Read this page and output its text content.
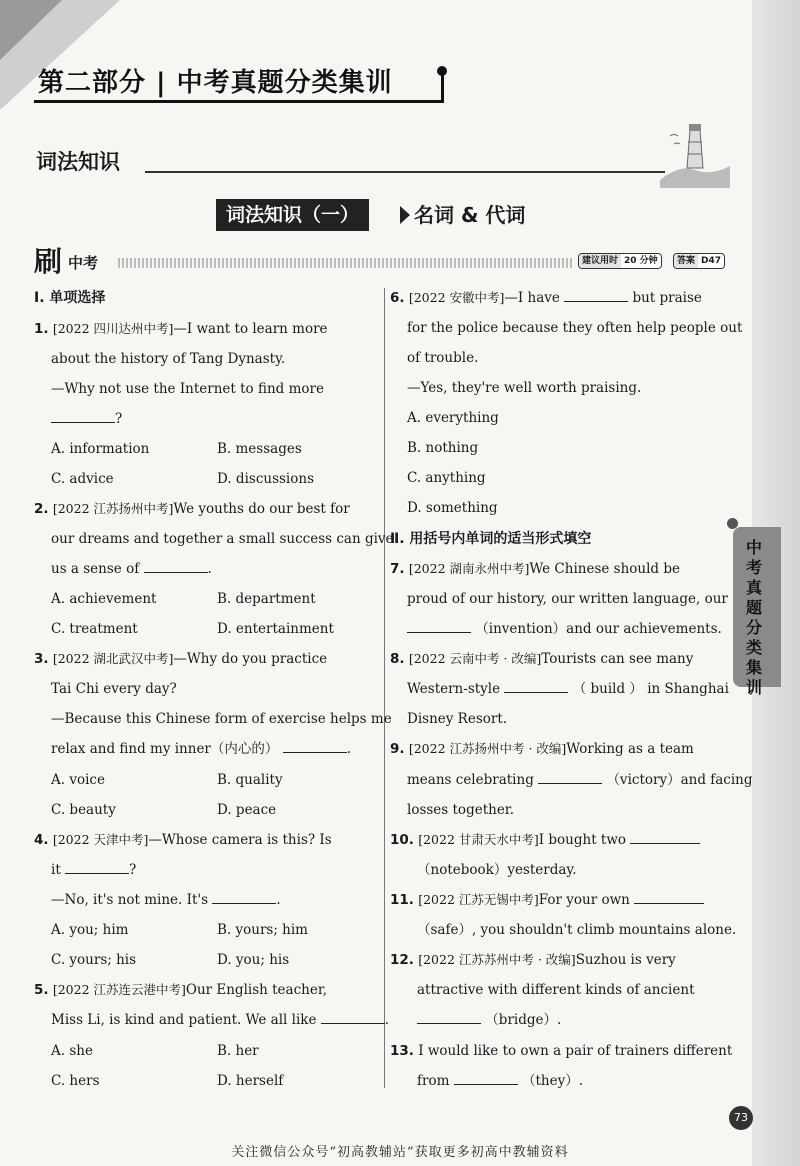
第二部分 | 中考真题分类集训
词法知识
词法知识（一）	名词 & 代词
刷 中考	建议用时 20 分钟	答案 D47
Ⅰ. 单项选择
1. [2022 四川达州中考]—I want to learn more
about the history of Tang Dynasty.
—Why not use the Internet to find more
?
A. information	B. messages
C. advice	D. discussions
2. [2022 江苏扬州中考]We youths do our best for
our dreams and together a small success can give
us a sense of	.
A. achievement	B. department
C. treatment	D. entertainment
3. [2022 湖北武汉中考]—Why do you practice
Tai Chi every day?
—Because this Chinese form of exercise helps me
relax and find my inner（内心的）	.
A. voice	B. quality
C. beauty	D. peace
4. [2022 天津中考]—Whose camera is this? Is
it	?
—No, it's not mine. It's	.
A. you; him	B. yours; him
C. yours; his	D. you; his
5. [2022 江苏连云港中考]Our English teacher,
Miss Li, is kind and patient. We all like	.
A. she	B. her
C. hers	D. herself
6. [2022 安徽中考]—I have	but praise
for the police because they often help people out
of trouble.
—Yes, they're well worth praising.
A. everything
B. nothing
C. anything
D. something
Ⅱ. 用括号内单词的适当形式填空
7. [2022 湖南永州中考]We Chinese should be
proud of our history, our written language, our
（invention）and our achievements.
8. [2022 云南中考 · 改编]Tourists can see many
Western-style	（ build ） in Shanghai
Disney Resort.
9. [2022 江苏扬州中考 · 改编]Working as a team
means celebrating	（victory）and facing
losses together.
10. [2022 甘肃天水中考]I bought two
（notebook）yesterday.
11. [2022 江苏无锡中考]For your own
（safe）, you shouldn't climb mountains alone.
12. [2022 江苏苏州中考 · 改编]Suzhou is very
attractive with different kinds of ancient
（bridge）.
13. I would like to own a pair of trainers different
from	（they）.
中考真题分类集训
73
关注微信公众号“初高教辅站”获取更多初高中教辅资料
